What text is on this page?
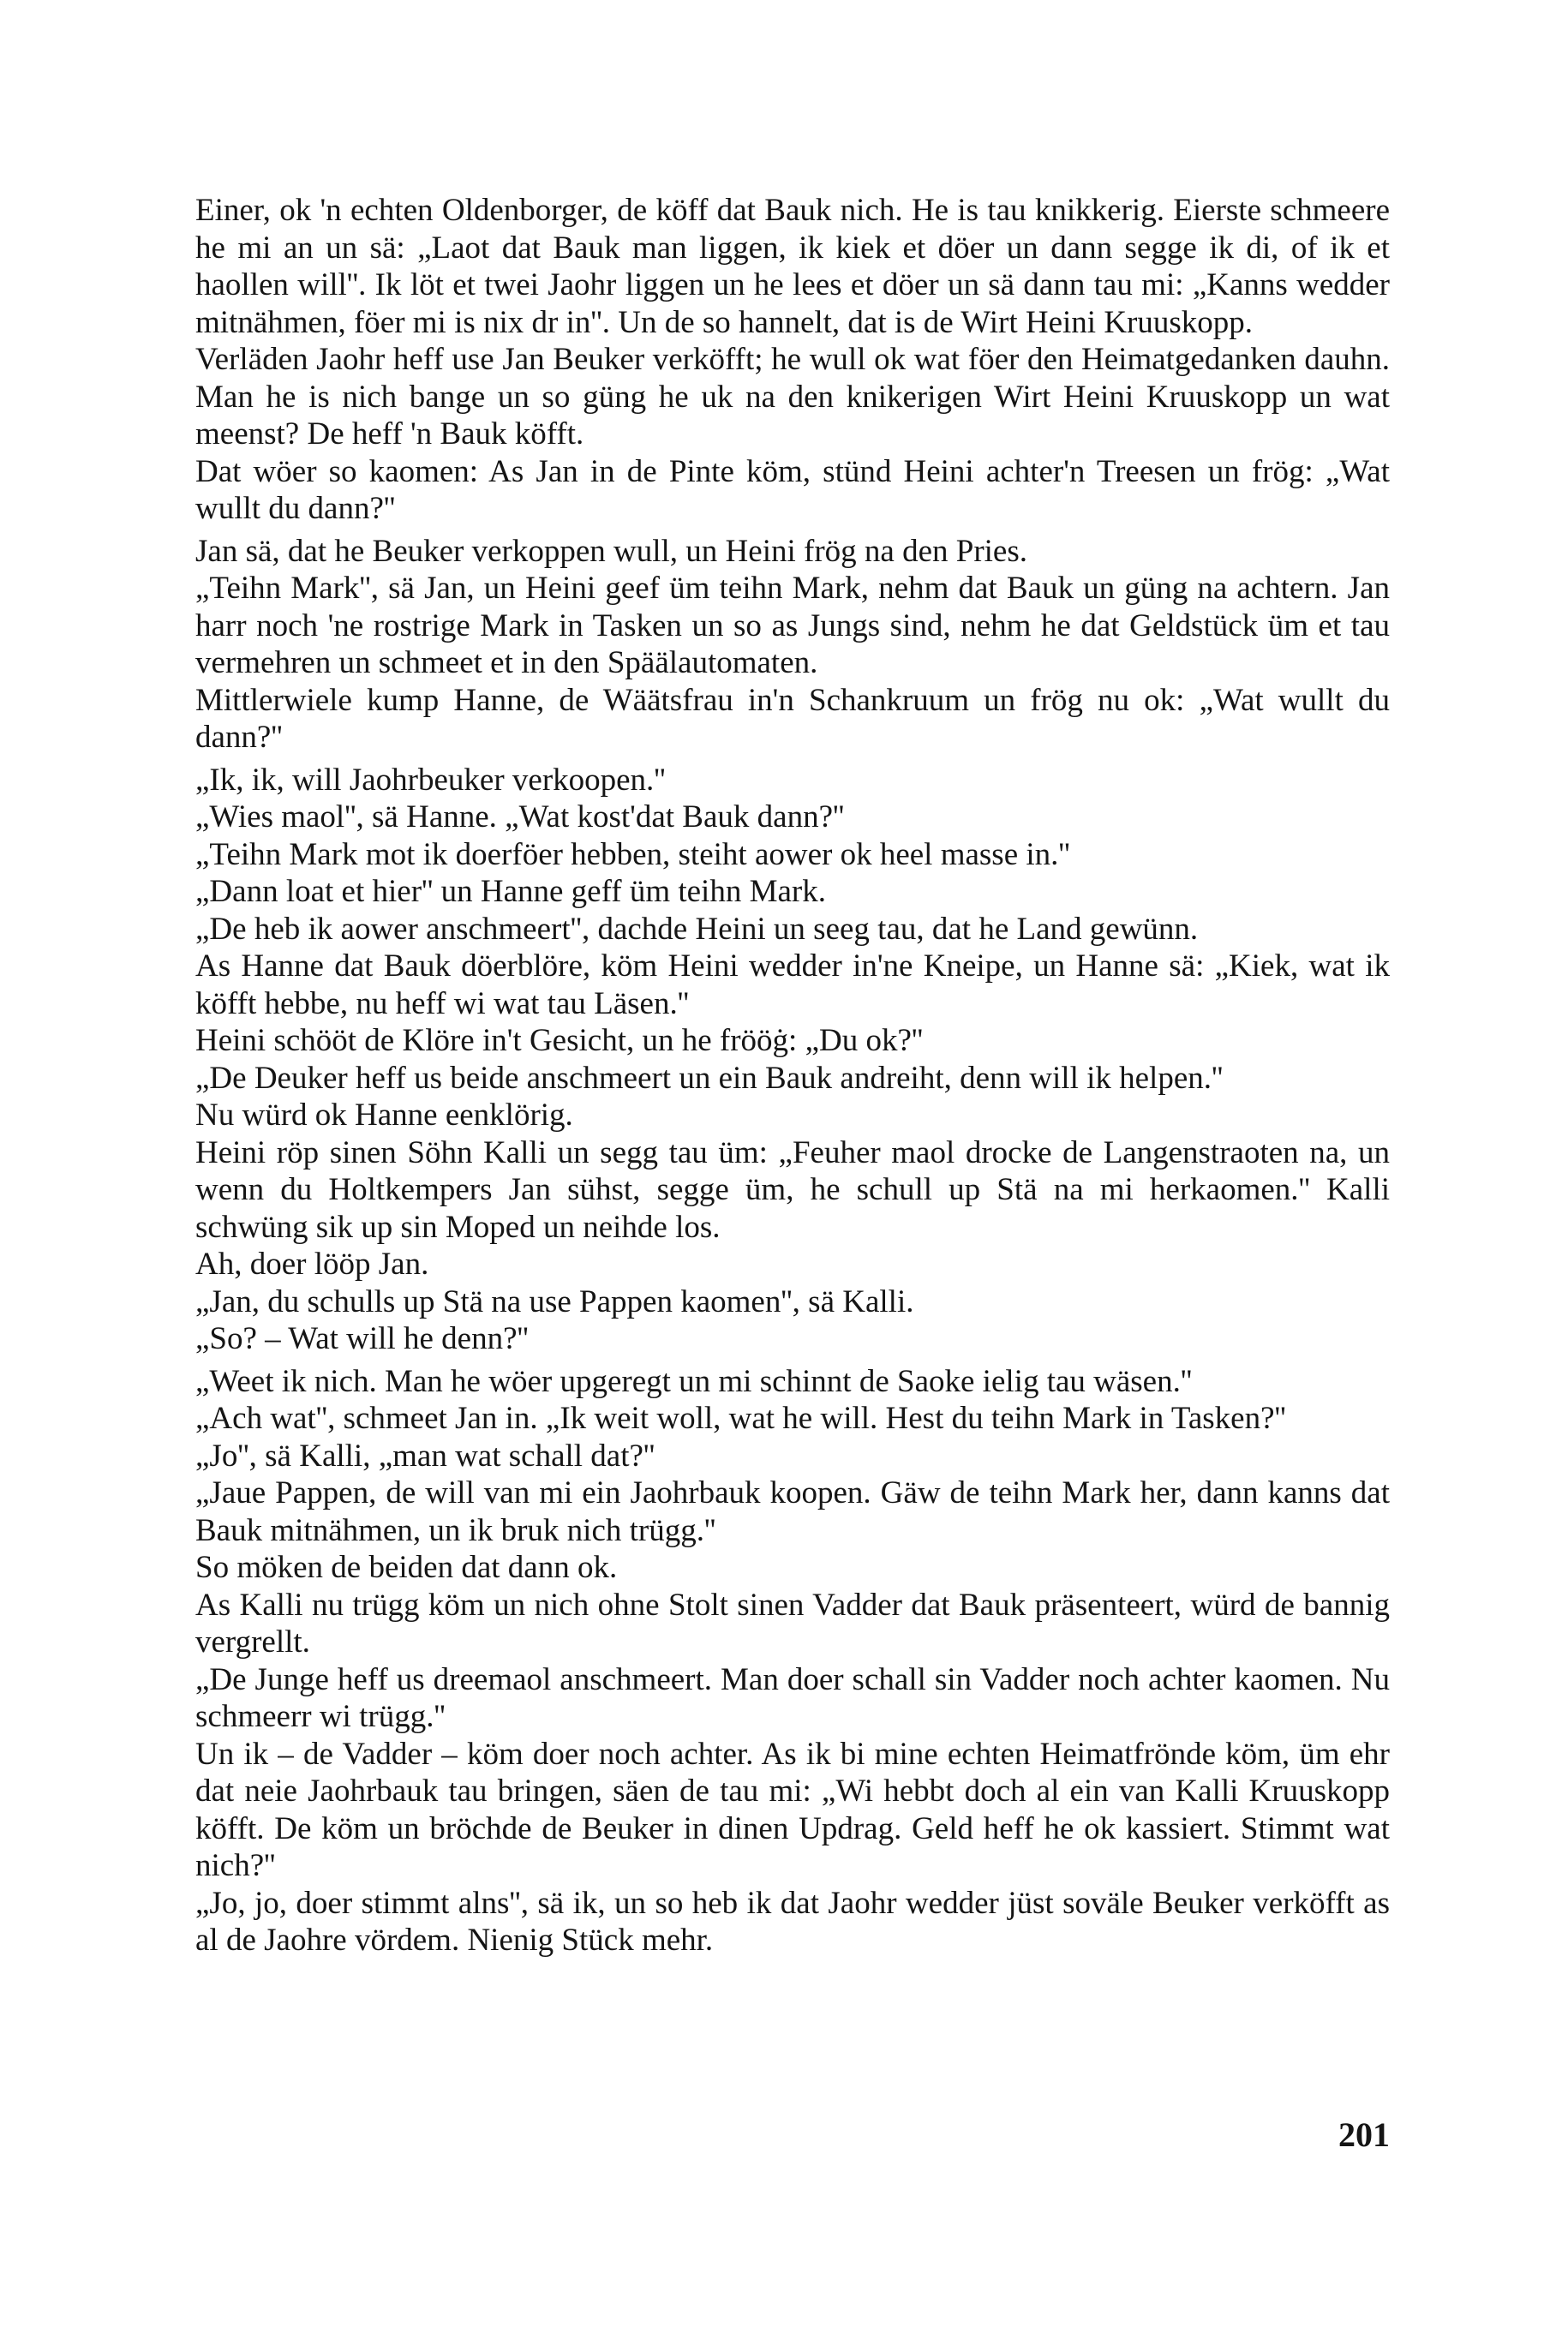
Einer, ok 'n echten Oldenborger, de köff dat Bauk nich. He is tau knikkerig. Eierste schmeere he mi an un sä: „Laot dat Bauk man liggen, ik kiek et döer un dann segge ik di, of ik et haollen will''. Ik löt et twei Jaohr liggen un he lees et döer un sä dann tau mi: „Kanns wedder mitnähmen, föer mi is nix dr in''. Un de so hannelt, dat is de Wirt Heini Kruuskopp.

Verläden Jaohr heff use Jan Beuker verköfft; he wull ok wat föer den Heimatgedanken dauhn. Man he is nich bange un so güng he uk na den knikerigen Wirt Heini Kruuskopp un wat meenst? De heff 'n Bauk köfft.

Dat wöer so kaomen: As Jan in de Pinte köm, stünd Heini achter'n Treesen un frög: „Wat wullt du dann?''

Jan sä, dat he Beuker verkoppen wull, un Heini frög na den Pries.

„Teihn Mark'', sä Jan, un Heini geef üm teihn Mark, nehm dat Bauk un güng na achtern. Jan harr noch 'ne rostrige Mark in Tasken un so as Jungs sind, nehm he dat Geldstück üm et tau vermehren un schmeet et in den Späälautomaten.

Mittlerwiele kump Hanne, de Wäätsfrau in'n Schankruum un frög nu ok: „Wat wullt du dann?''

„Ik, ik, will Jaohrbeuker verkoopen.''

„Wies maol'', sä Hanne. „Wat kost'dat Bauk dann?''

„Teihn Mark mot ik doerföer hebben, steiht aower ok heel masse in.''

„Dann loat et hier'' un Hanne geff üm teihn Mark.

„De heb ik aower anschmeert'', dachde Heini un seeg tau, dat he Land gewünn.

As Hanne dat Bauk döerblöre, köm Heini wedder in'ne Kneipe, un Hanne sä: „Kiek, wat ik köfft hebbe, nu heff wi wat tau Läsen.''

Heini schööt de Klöre in't Gesicht, un he frööġ: „Du ok?''

„De Deuker heff us beide anschmeert un ein Bauk andreiht, denn will ik helpen.''

Nu würd ok Hanne eenklörig.

Heini röp sinen Söhn Kalli un segg tau üm: „Feuher maol drocke de Langenstraoten na, un wenn du Holtkempers Jan sühst, segge üm, he schull up Stä na mi herkaomen.'' Kalli schwüng sik up sin Moped un neihde los.

Ah, doer lööp Jan.

„Jan, du schulls up Stä na use Pappen kaomen'', sä Kalli.

„So? – Wat will he denn?''

„Weet ik nich. Man he wöer upgeregt un mi schinnt de Saoke ielig tau wäsen.''

„Ach wat'', schmeet Jan in. „Ik weit woll, wat he will. Hest du teihn Mark in Tasken?''

„Jo'', sä Kalli, „man wat schall dat?''

„Jaue Pappen, de will van mi ein Jaohrbauk koopen. Gäw de teihn Mark her, dann kanns dat Bauk mitnähmen, un ik bruk nich trügg.''

So möken de beiden dat dann ok.

As Kalli nu trügg köm un nich ohne Stolt sinen Vadder dat Bauk präsenteert, würd de bannig vergrellt.

„De Junge heff us dreemaol anschmeert. Man doer schall sin Vadder noch achter kaomen. Nu schmeerr wi trügg.''

Un ik – de Vadder – köm doer noch achter. As ik bi mine echten Heimatfrönde köm, üm ehr dat neie Jaohrbauk tau bringen, säen de tau mi: „Wi hebbt doch al ein van Kalli Kruuskopp köfft. De köm un bröchde de Beuker in dinen Updrag. Geld heff he ok kassiert. Stimmt wat nich?''

„Jo, jo, doer stimmt alns'', sä ik, un so heb ik dat Jaohr wedder jüst soväle Beuker verköfft as al de Jaohre vördem. Nienig Stück mehr.

201
